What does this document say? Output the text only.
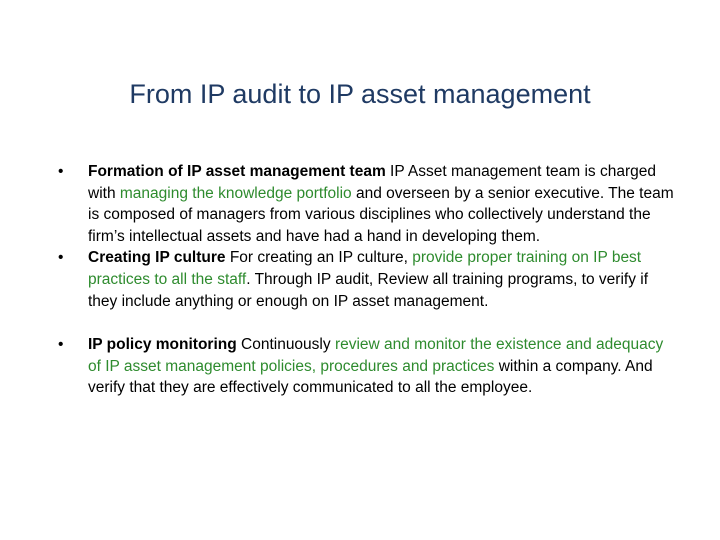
From IP audit to IP asset management
•	Formation of IP asset management team IP Asset management team is charged with managing the knowledge portfolio and overseen by a senior executive. The team is composed of managers from various disciplines who collectively understand the firm’s intellectual assets and have had a hand in developing them.
•	Creating IP culture For creating an IP culture, provide proper training on IP best practices to all the staff. Through IP audit, Review all training programs, to verify if they include anything or enough on IP asset management.
•	IP policy monitoring Continuously review and monitor the existence and adequacy of IP asset management policies, procedures and practices within a company. And verify that they are effectively communicated to all the employee.
